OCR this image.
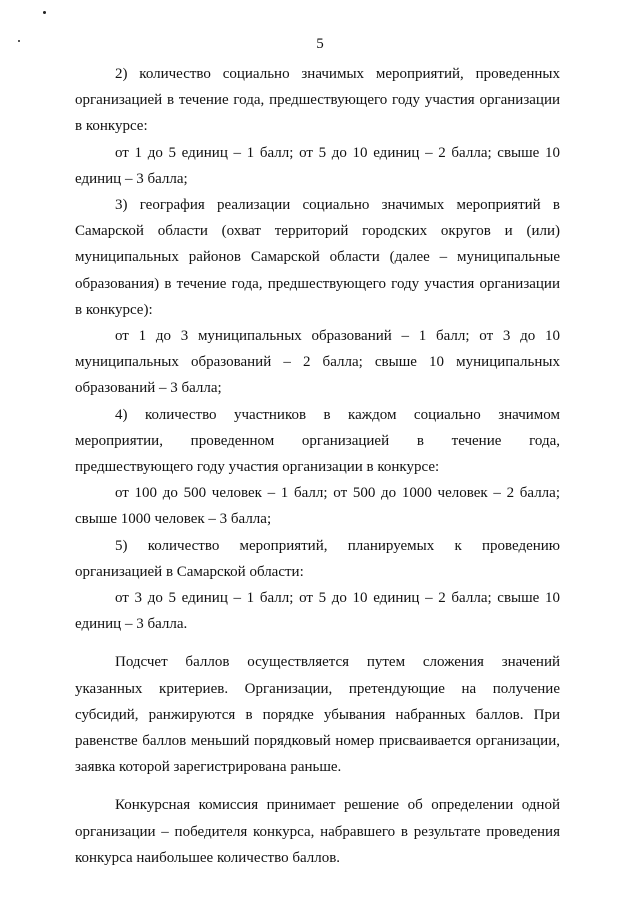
5

2) количество социально значимых мероприятий, проведенных организацией в течение года, предшествующего году участия организации в конкурсе:

от 1 до 5 единиц – 1 балл; от 5 до 10 единиц – 2 балла; свыше 10 единиц – 3 балла;

3) география реализации социально значимых мероприятий в Самарской области (охват территорий городских округов и (или) муниципальных районов Самарской области (далее – муниципальные образования) в течение года, предшествующего году участия организации в конкурсе):

от 1 до 3 муниципальных образований – 1 балл; от 3 до 10 муниципальных образований – 2 балла; свыше 10 муниципальных образований – 3 балла;

4) количество участников в каждом социально значимом мероприятии, проведенном организацией в течение года, предшествующего году участия организации в конкурсе:

от 100 до 500 человек – 1 балл; от 500 до 1000 человек – 2 балла; свыше 1000 человек – 3 балла;

5) количество мероприятий, планируемых к проведению организацией в Самарской области:

от 3 до 5 единиц – 1 балл; от 5 до 10 единиц – 2 балла; свыше 10 единиц – 3 балла.

Подсчет баллов осуществляется путем сложения значений указанных критериев. Организации, претендующие на получение субсидий, ранжируются в порядке убывания набранных баллов. При равенстве баллов меньший порядковый номер присваивается организации, заявка которой зарегистрирована раньше.

Конкурсная комиссия принимает решение об определении одной организации – победителя конкурса, набравшего в результате проведения конкурса наибольшее количество баллов.
